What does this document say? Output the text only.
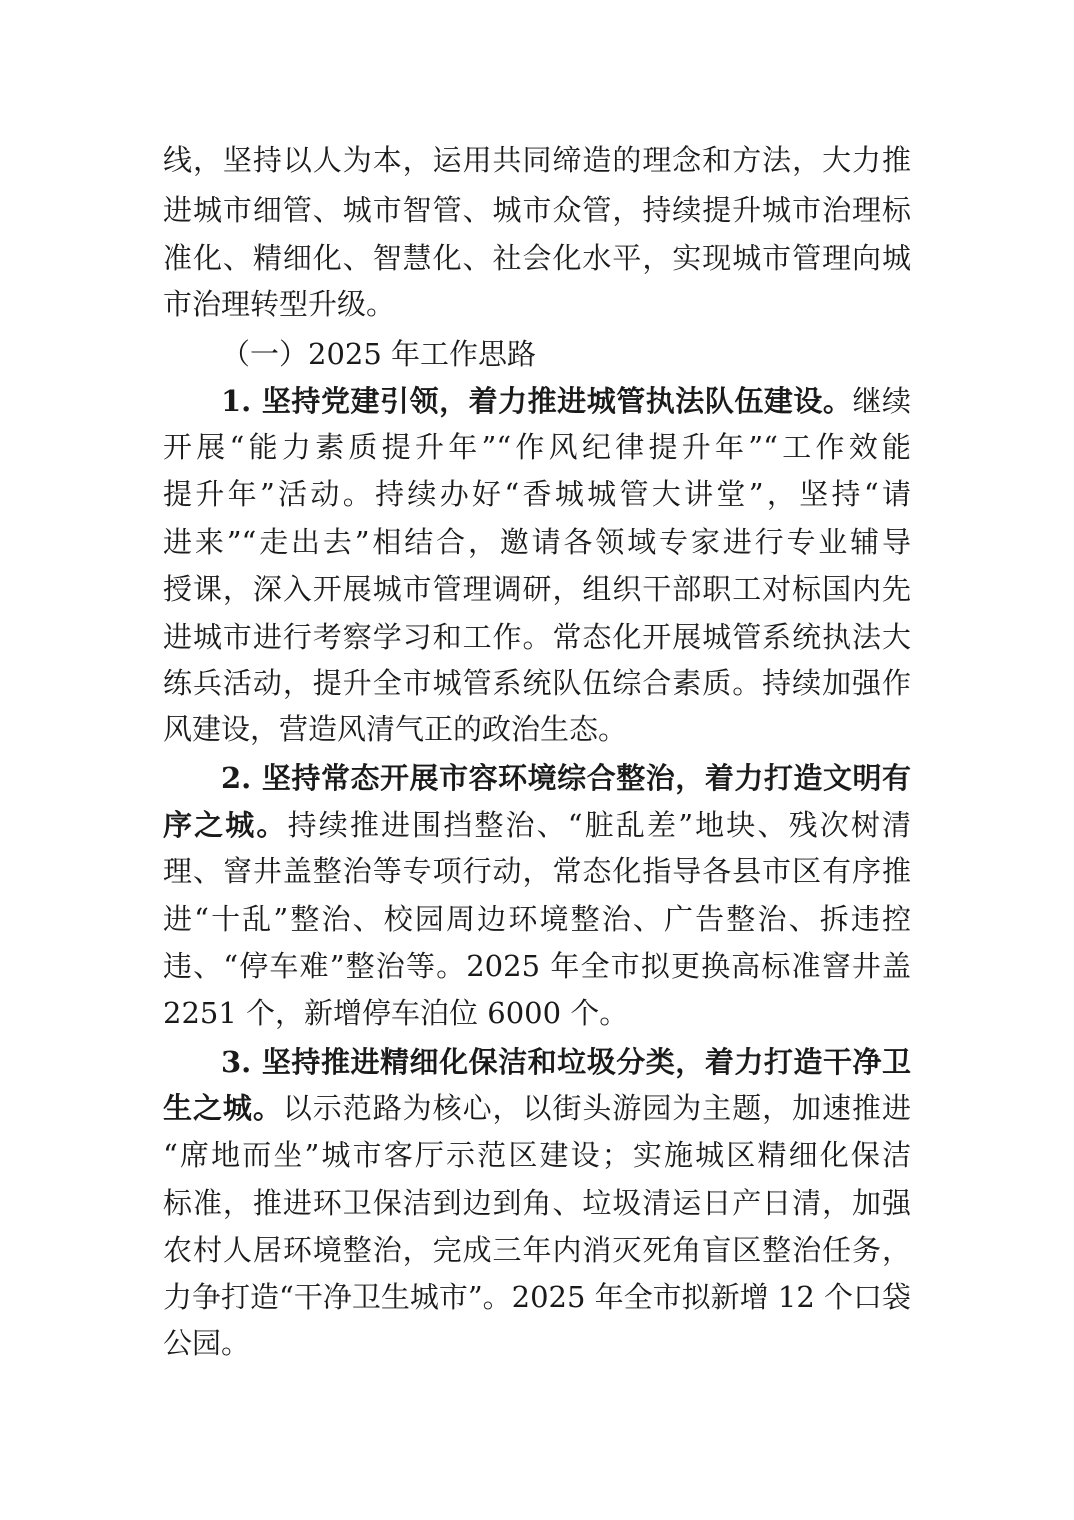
线，坚持以人为本，运用共同缔造的理念和方法，大力推
进城市细管、城市智管、城市众管，持续提升城市治理标
准化、精细化、智慧化、社会化水平，实现城市管理向城
市治理转型升级。
（一）2025 年工作思路
1. 坚持党建引领，着力推进城管执法队伍建设。继续
开展“能力素质提升年”“作风纪律提升年”“工作效能
提升年”活动。持续办好“香城城管大讲堂”，坚持“请
进来”“走出去”相结合，邀请各领域专家进行专业辅导
授课，深入开展城市管理调研，组织干部职工对标国内先
进城市进行考察学习和工作。常态化开展城管系统执法大
练兵活动，提升全市城管系统队伍综合素质。持续加强作
风建设，营造风清气正的政治生态。
2. 坚持常态开展市容环境综合整治，着力打造文明有
序之城。持续推进围挡整治、“脏乱差”地块、残次树清
理、窨井盖整治等专项行动，常态化指导各县市区有序推
进“十乱”整治、校园周边环境整治、广告整治、拆违控
违、“停车难”整治等。2025 年全市拟更换高标准窨井盖
2251 个，新增停车泊位 6000 个。
3. 坚持推进精细化保洁和垃圾分类，着力打造干净卫
生之城。以示范路为核心，以街头游园为主题，加速推进
“席地而坐”城市客厅示范区建设；实施城区精细化保洁
标准，推进环卫保洁到边到角、垃圾清运日产日清，加强
农村人居环境整治，完成三年内消灭死角盲区整治任务，
力争打造“干净卫生城市”。2025 年全市拟新增 12 个口袋
公园。
